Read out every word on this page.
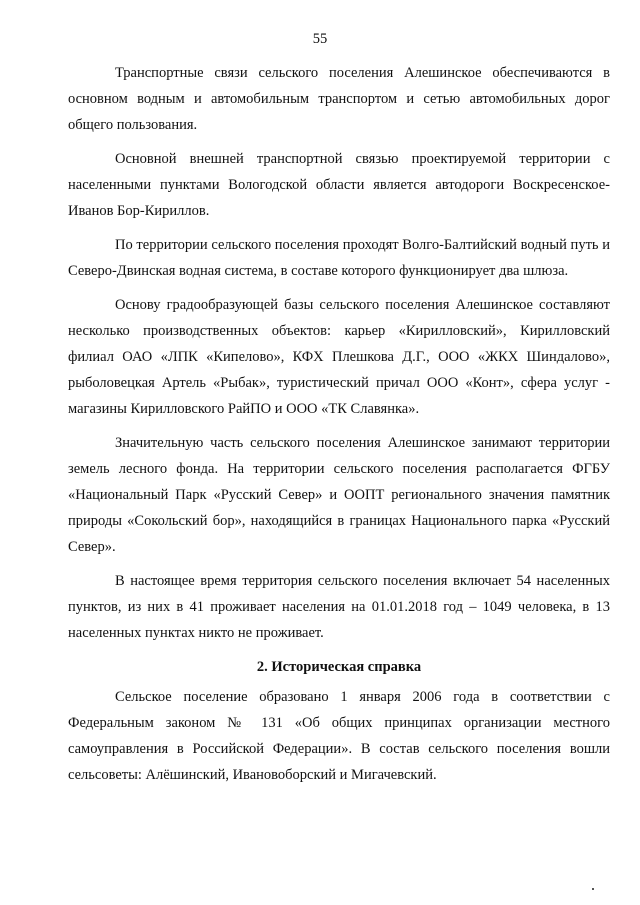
55

Транспортные связи сельского поселения Алешинское обеспечиваются в основном водным и автомобильным транспортом и сетью автомобильных дорог общего пользования.

Основной внешней транспортной связью проектируемой территории с населенными пунктами Вологодской области является автодороги Воскресенское-Иванов Бор-Кириллов.

По территории сельского поселения проходят Волго-Балтийский водный путь и Северо-Двинская водная система, в составе которого функционирует два шлюза.

Основу градообразующей базы сельского поселения Алешинское составляют несколько производственных объектов: карьер «Кирилловский», Кирилловский филиал ОАО «ЛПК «Кипелово», КФХ Плешкова Д.Г., ООО «ЖКХ Шиндалово», рыболовецкая Артель «Рыбак», туристический причал ООО «Конт», сфера услуг - магазины Кирилловского РайПО и ООО «ТК Славянка».

Значительную часть сельского поселения Алешинское занимают территории земель лесного фонда. На территории сельского поселения располагается ФГБУ «Национальный Парк «Русский Север» и ООПТ регионального значения памятник природы «Сокольский бор», находящийся в границах Национального парка «Русский Север».

В настоящее время территория сельского поселения включает 54 населенных пунктов, из них в 41 проживает населения на 01.01.2018 год – 1049 человека, в 13 населенных пунктах никто не проживает.

2. Историческая справка

Сельское поселение образовано 1 января 2006 года в соответствии с Федеральным законом № 131 «Об общих принципах организации местного самоуправления в Российской Федерации». В состав сельского поселения вошли сельсоветы: Алёшинский, Ивановоборский и Мигачевский.
